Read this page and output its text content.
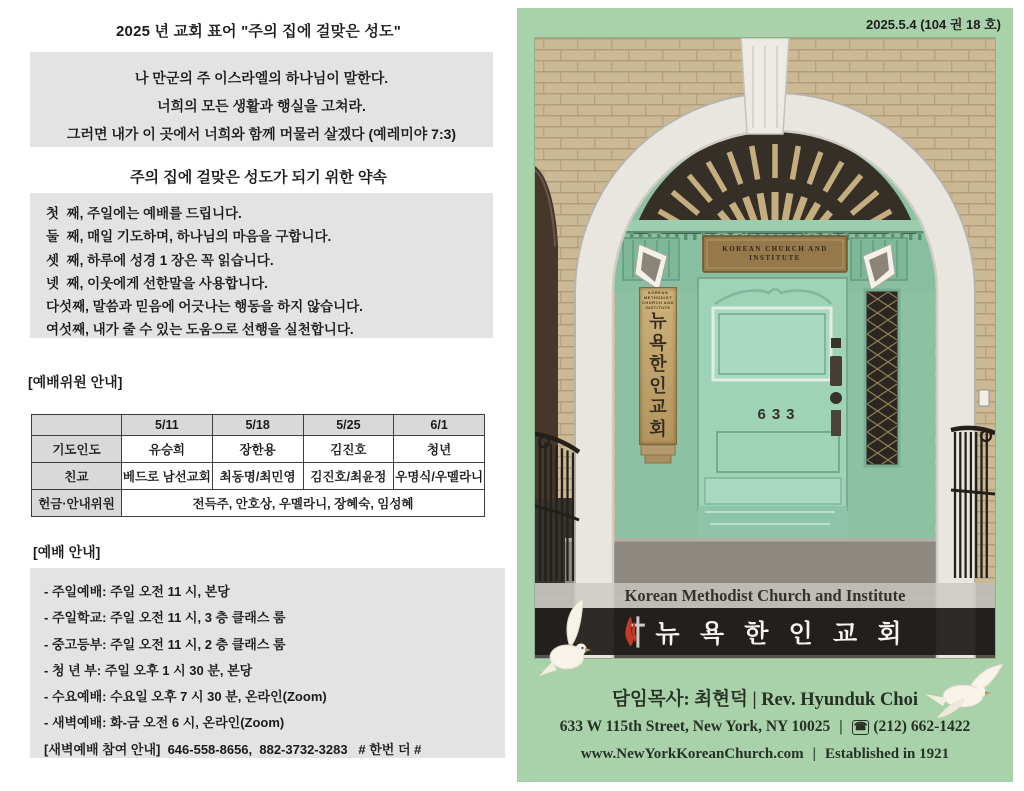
2025 년 교회 표어 "주의 집에 걸맞은 성도"
나 만군의 주 이스라엘의 하나님이 말한다.
너희의 모든 생활과 행실을 고쳐라.
그러면 내가 이 곳에서 너희와 함께 머물러 살겠다 (예레미야 7:3)
주의 집에 걸맞은 성도가 되기 위한 약속
첫  째, 주일에는 예배를 드립니다.
둘  째, 매일 기도하며, 하나님의 마음을 구합니다.
셋  째, 하루에 성경 1 장은 꼭 읽습니다.
넷  째, 이웃에게 선한말을 사용합니다.
다섯째, 말씀과 믿음에 어긋나는 행동을 하지 않습니다.
여섯째, 내가 줄 수 있는 도움으로 선행을 실천합니다.
[예배위원 안내]
	5/11	5/18	5/25	6/1
기도인도	유승희	장한용	김진호	청년
친교	베드로 남선교회	최동명/최민영	김진호/최윤정	우명식/우멜라니
헌금·안내위원	전득주, 안호상, 우멜라니, 장혜숙, 임성혜			
[예배 안내]
- 주일예배: 주일 오전 11 시, 본당
- 주일학교: 주일 오전 11 시, 3 층 클래스 룸
- 중고등부: 주일 오전 11 시, 2 층 클래스 룸
- 청 년 부: 주일 오후 1 시 30 분, 본당
- 수요예배: 수요일 오후 7 시 30 분, 온라인(Zoom)
- 새벽예배: 화-금 오전 6 시, 온라인(Zoom)
[새벽예배 참여 안내]  646-558-8656,  882-3732-3283   # 한번 더 #
2025.5.4 (104 권 18 호)
KOREAN CHURCH AND INSTITUTE
KOREAN METHODIST CHURCH AND INSTITUTE
뉴
욕
한
인
교
회
633
Korean Methodist Church and Institute
뉴 욕 한 인 교 회
담임목사: 최현덕 | Rev. Hyunduk Choi
633 W 115th Street, New York, NY 10025 | ☎ (212) 662-1422
www.NewYorkKoreanChurch.com | Established in 1921
